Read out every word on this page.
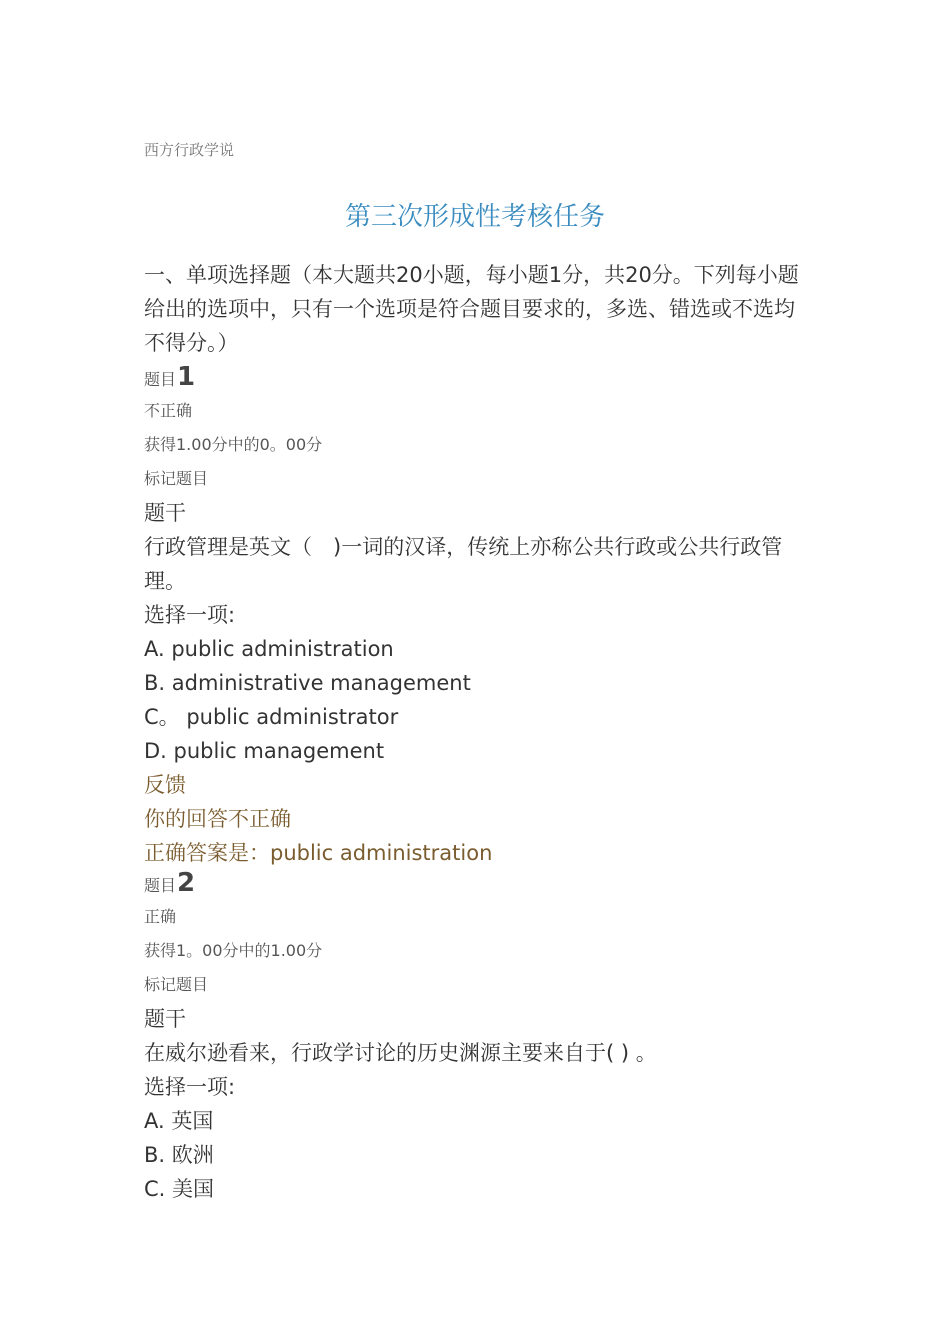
西方行政学说
第三次形成性考核任务

一、单项选择题（本大题共20小题，每小题1分，共20分。下列每小题给出的选项中，只有一个选项是符合题目要求的，多选、错选或不选均不得分。）

题目1
不正确
获得1.00分中的0。00分
标记题目
题干
行政管理是英文（　)一词的汉译，传统上亦称公共行政或公共行政管理。
选择一项:
A. public administration
B. administrative management
C。 public administrator
D. public management
反馈
你的回答不正确
正确答案是：public administration
题目2
正确
获得1。00分中的1.00分
标记题目
题干
在威尔逊看来，行政学讨论的历史渊源主要来自于( ) 。
选择一项:
A. 英国
B. 欧洲
C. 美国
